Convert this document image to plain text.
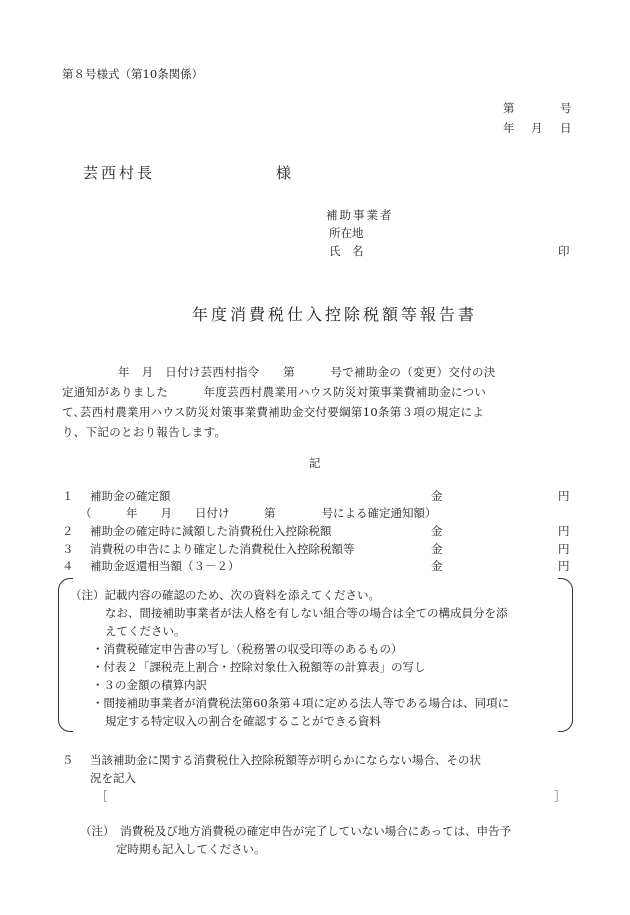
第８号様式（第10条関係）
第	号
年 月 日
芸西村長	様
補助事業者
所在地
氏　名	印
年度消費税仕入控除税額等報告書
年　月　日付け芸西村指令　　第　　　号で補助金の（変更）交付の決
定通知がありました　　　年度芸西村農業用ハウス防災対策事業費補助金につい
て､芸西村農業用ハウス防災対策事業費補助金交付要綱第10条第３項の規定によ
り、下記のとおり報告します。
記
１ 補助金の確定額	金	円
（　　　年　　月　　日付け　　　第　　　　号による確定通知額）
２ 補助金の確定時に減額した消費税仕入控除税額	金	円
３ 消費税の申告により確定した消費税仕入控除税額等	金	円
４ 補助金返還相当額（３－２）	金	円
（注）記載内容の確認のため、次の資料を添えてください。
なお、間接補助事業者が法人格を有しない組合等の場合は全ての構成員分を添
えてください。
・消費税確定申告書の写し（税務署の収受印等のあるもの）
・付表２「課税売上割合・控除対象仕入税額等の計算表」の写し
・３の金額の積算内訳
・間接補助事業者が消費税法第60条第４項に定める法人等である場合は、同項に
規定する特定収入の割合を確認することができる資料
５ 当該補助金に関する消費税仕入控除税額等が明らかにならない場合、その状
況を記入
［	］
（注）　消費税及び地方消費税の確定申告が完了していない場合にあっては、申告予
定時期も記入してください。
